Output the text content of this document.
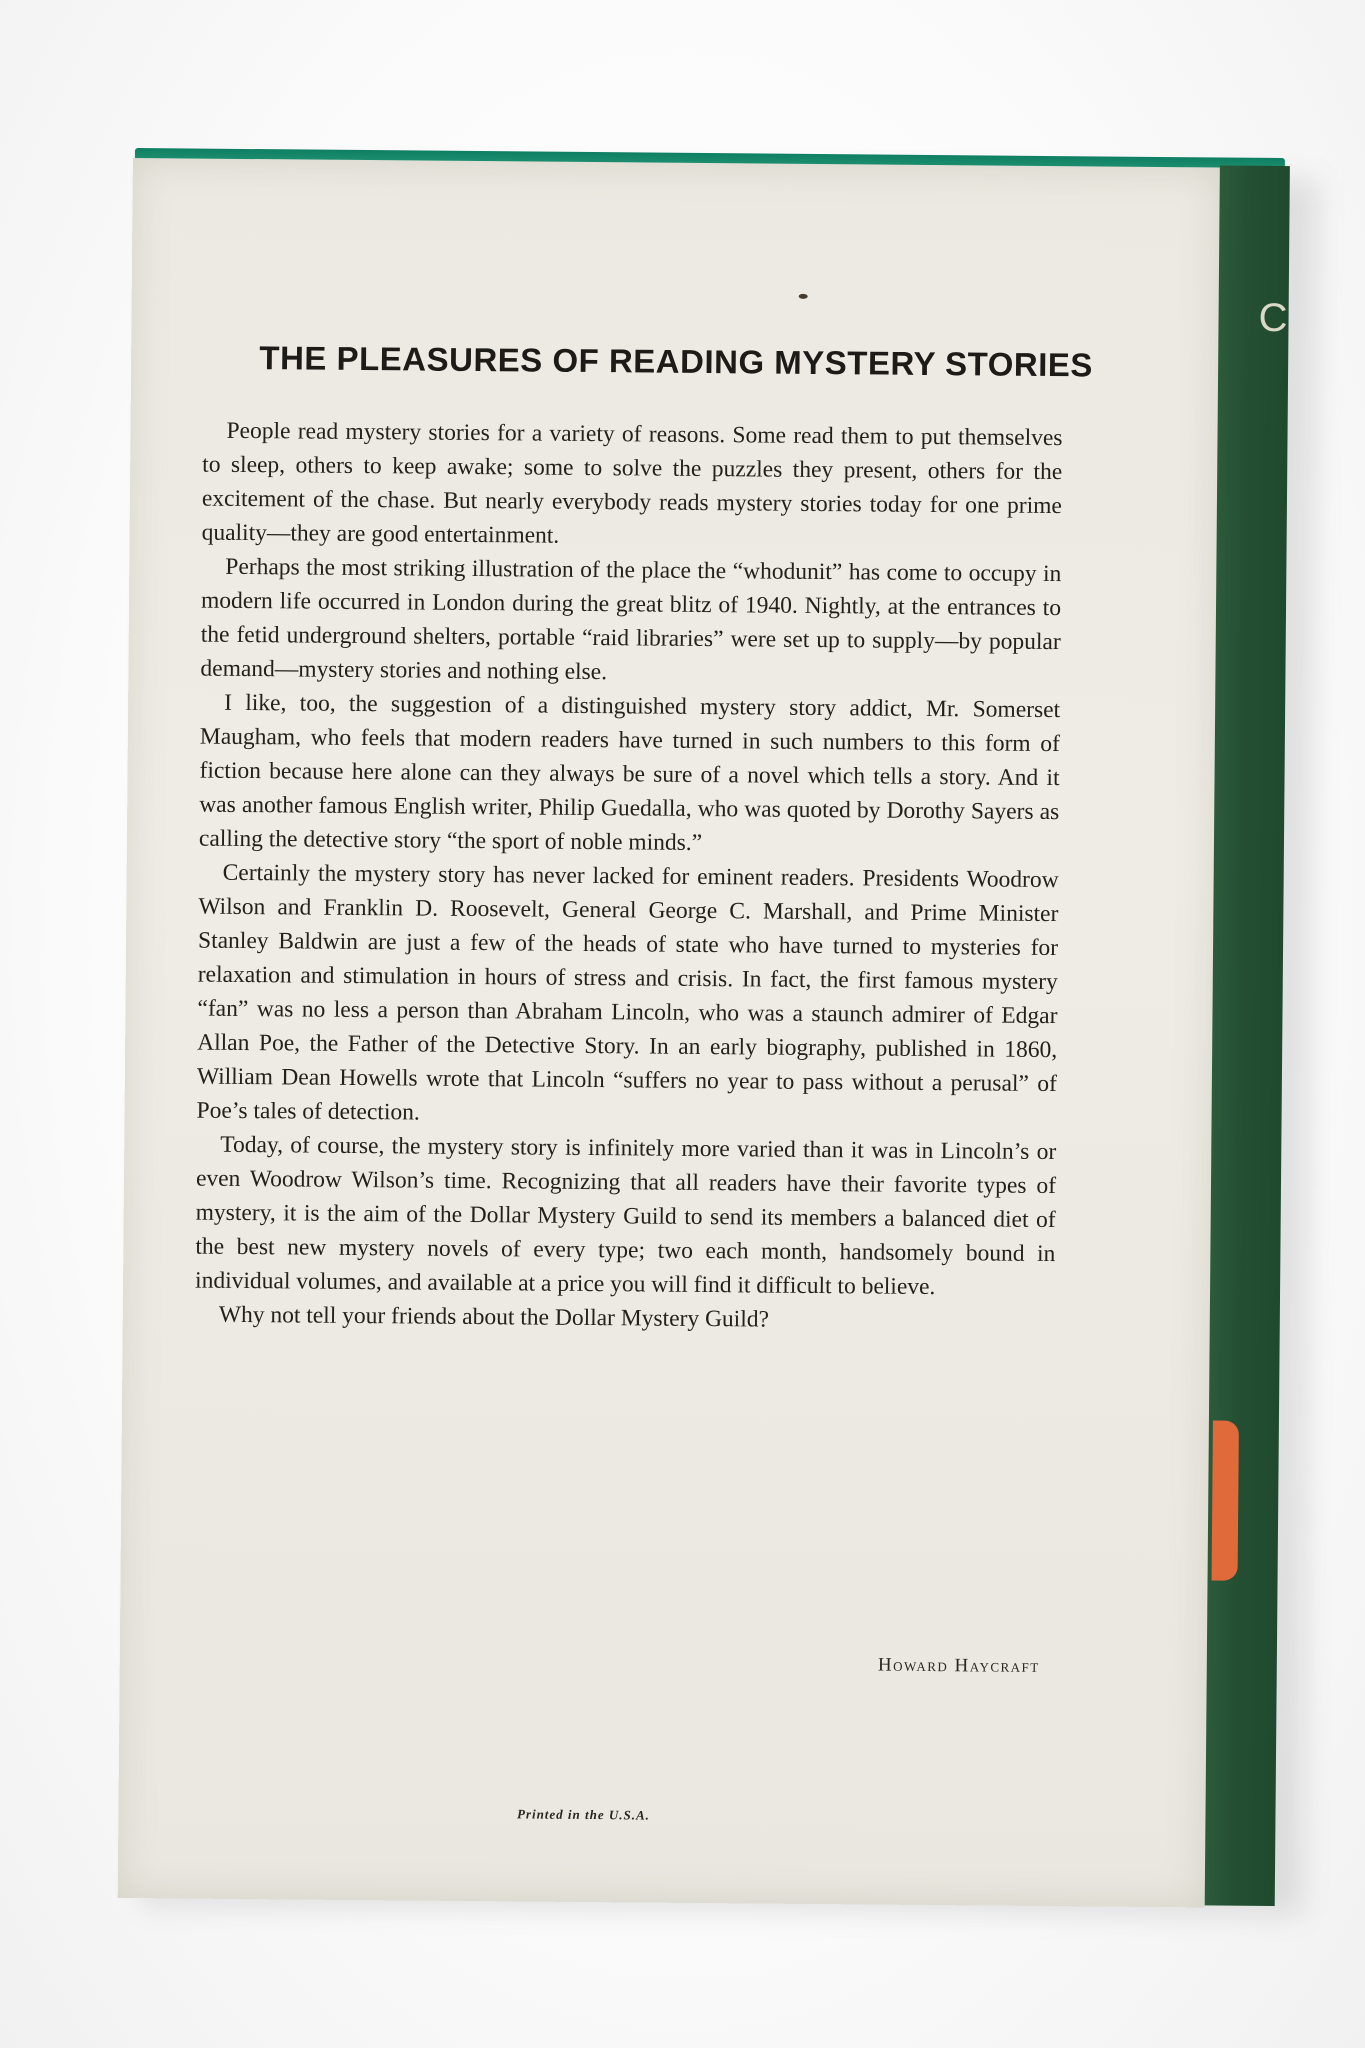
THE PLEASURES OF READING MYSTERY STORIES

People read mystery stories for a variety of reasons. Some read them to put themselves to sleep, others to keep awake; some to solve the puzzles they present, others for the excitement of the chase. But nearly everybody reads mystery stories today for one prime quality—they are good entertainment.

Perhaps the most striking illustration of the place the “whodunit” has come to occupy in modern life occurred in London during the great blitz of 1940. Nightly, at the entrances to the fetid underground shelters, portable “raid libraries” were set up to supply—by popular demand—mystery stories and nothing else.

I like, too, the suggestion of a distinguished mystery story addict, Mr. Somerset Maugham, who feels that modern readers have turned in such numbers to this form of fiction because here alone can they always be sure of a novel which tells a story. And it was another famous English writer, Philip Guedalla, who was quoted by Dorothy Sayers as calling the detective story “the sport of noble minds.”

Certainly the mystery story has never lacked for eminent readers. Presidents Woodrow Wilson and Franklin D. Roosevelt, General George C. Marshall, and Prime Minister Stanley Baldwin are just a few of the heads of state who have turned to mysteries for relaxation and stimulation in hours of stress and crisis. In fact, the first famous mystery “fan” was no less a person than Abraham Lincoln, who was a staunch admirer of Edgar Allan Poe, the Father of the Detective Story. In an early biography, published in 1860, William Dean Howells wrote that Lincoln “suffers no year to pass without a perusal” of Poe’s tales of detection.

Today, of course, the mystery story is infinitely more varied than it was in Lincoln’s or even Woodrow Wilson’s time. Recognizing that all readers have their favorite types of mystery, it is the aim of the Dollar Mystery Guild to send its members a balanced diet of the best new mystery novels of every type; two each month, handsomely bound in individual volumes, and available at a price you will find it difficult to believe.

Why not tell your friends about the Dollar Mystery Guild?

Howard Haycraft
Printed in the U.S.A.
C
